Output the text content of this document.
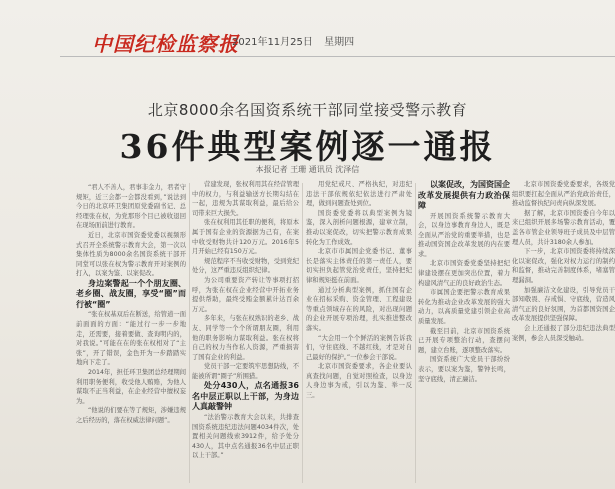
中国纪检监察报
2021年11月25日 星期四
北京8000余名国资系统干部同堂接受警示教育
36件典型案例逐一通报
本报记者 王珊 通讯员 沈泽信

“君人不善人，君事非金力，君者守规矩，近三会都一会都没看到，”说法到今日的北京环卫集团原党委副书记、总经理张在权，为党那形个目已被收退回在现场面前进行教育。

近日，北京市国资委党委以视频形式召开全系统警示教育大会，第一次以集体性质为8000余名国资系统干部开同堂可以张在权为警示教育开对案例的打入，以案为鉴、以案促改。

身边案警起一个个朋友圈、老乡圈、战友圈，享受“圈”而行被“圈”

“张在权基双后在断送，给管道一面前面面的方面：“能过行一步一步地走，还需要，接着要做、查询明内的，对我说。”可能在在的张在权相对了“主张”，开了错误，金色开为一步踏踏实地向下走了。

2014年，担任环卫集团总经理期间利用职务便利，收受他人贿赂，为他人谋取不正当利益，在企业经营中擅权妄为。

“他说的们要在等了规矩，涉嫌违规之后经历的，落在权威法律问题”。

营建发现，张权利用其在经营管理中的权力，与利益输送方长期勾结在一起，违规为其谋取利益，最后给公司带来巨大损失。

张在权利用其任职的便利，将原本属于国有企业的资源据为己有，在案中收受财物共计120万元。2016年5月开始已经有150万元。

规范程序不当收受财物，受到党纪处分，这严重违反组织纪律。

为公司重要资产转让等事项打招呼，为张在权在企业经营中开拓业务提供帮助，最终受贿金额累计达百余万元。

多年来，与张在权熟识的老乡、战友、同学等一个个所谓朋友圈，利用他的职务影响力谋取利益。张在权将自己的权力当作私人资源，严重损害了国有企业的利益。

党员干部一定要筑牢思想防线，不能被所谓“圈子”所围猎。

处分430人，点名通报36名中层正职以上干部，为身边人真敲警钟

“法治警示教育大会以来，共排查国资系统违纪违法问题4034件次，处置相关问题线索3912件，给予处分430人，其中点名通报36名中层正职以上干部。”

用党纪戒尺、严格执纪，对违纪违法干部依规依纪依法进行严肃处理，做到问题查处到位。

国资委党委将以典型案例为镜鉴，深入剖析问题根源，建章立制，推动以案促改，切实把警示教育成果转化为工作成效。

北京市市属国企党委书记、董事长是落实主体责任的第一责任人，要切实担负起管党治党责任，坚持把纪律和规矩挺在前面。

通过分析典型案例，抓住国有企业在招标采购、资金管理、工程建设等重点领域存在的风险，对出现问题的企业开展专项治理，扎实推进整改落实。

“大会用一个个鲜活的案例告诉我们，守住底线、不越红线，才是对自己最好的保护。”一位参会干部说。

北京市国资委要求，各企业要认真查找问题，自觉对照检查，以身边人身边事为戒，引以为鉴、举一反三。

以案促改，为国资国企改革发展提供有力政治保障

开展国资系统警示教育大会，以身边事教育身边人，既是全面从严治党的重要举措，也是推动国资国企改革发展的内在要求。

北京市国资委党委坚持把纪律建设摆在更加突出位置，着力构建风清气正的良好政治生态。

市属国企要把警示教育成果转化为推动企业改革发展的强大动力，以高质量党建引领企业高质量发展。

截至目前，北京市国资系统已开展专项整治行动，查摆问题，建立台账，逐项整改落实。

国资系统广大党员干部纷纷表示，要以案为鉴，警钟长鸣，坚守底线，清正廉洁。

北京市国资委党委要求，各级党组织要扛起全面从严治党政治责任，推动监督执纪问责向纵深发展。

据了解，北京市国资委自今年以来已组织开展多场警示教育活动，覆盖各市管企业领导班子成员及中层管理人员，共计3180余人参加。

下一步，北京市国资委将持续深化以案促改，强化对权力运行的制约和监督，推动完善制度体系，堵塞管理漏洞。

加强廉洁文化建设，引导党员干部知敬畏、存戒惧、守底线，营造风清气正的良好氛围，为首都国资国企改革发展提供坚强保障。

会上还通报了部分违纪违法典型案例，参会人员深受触动。
